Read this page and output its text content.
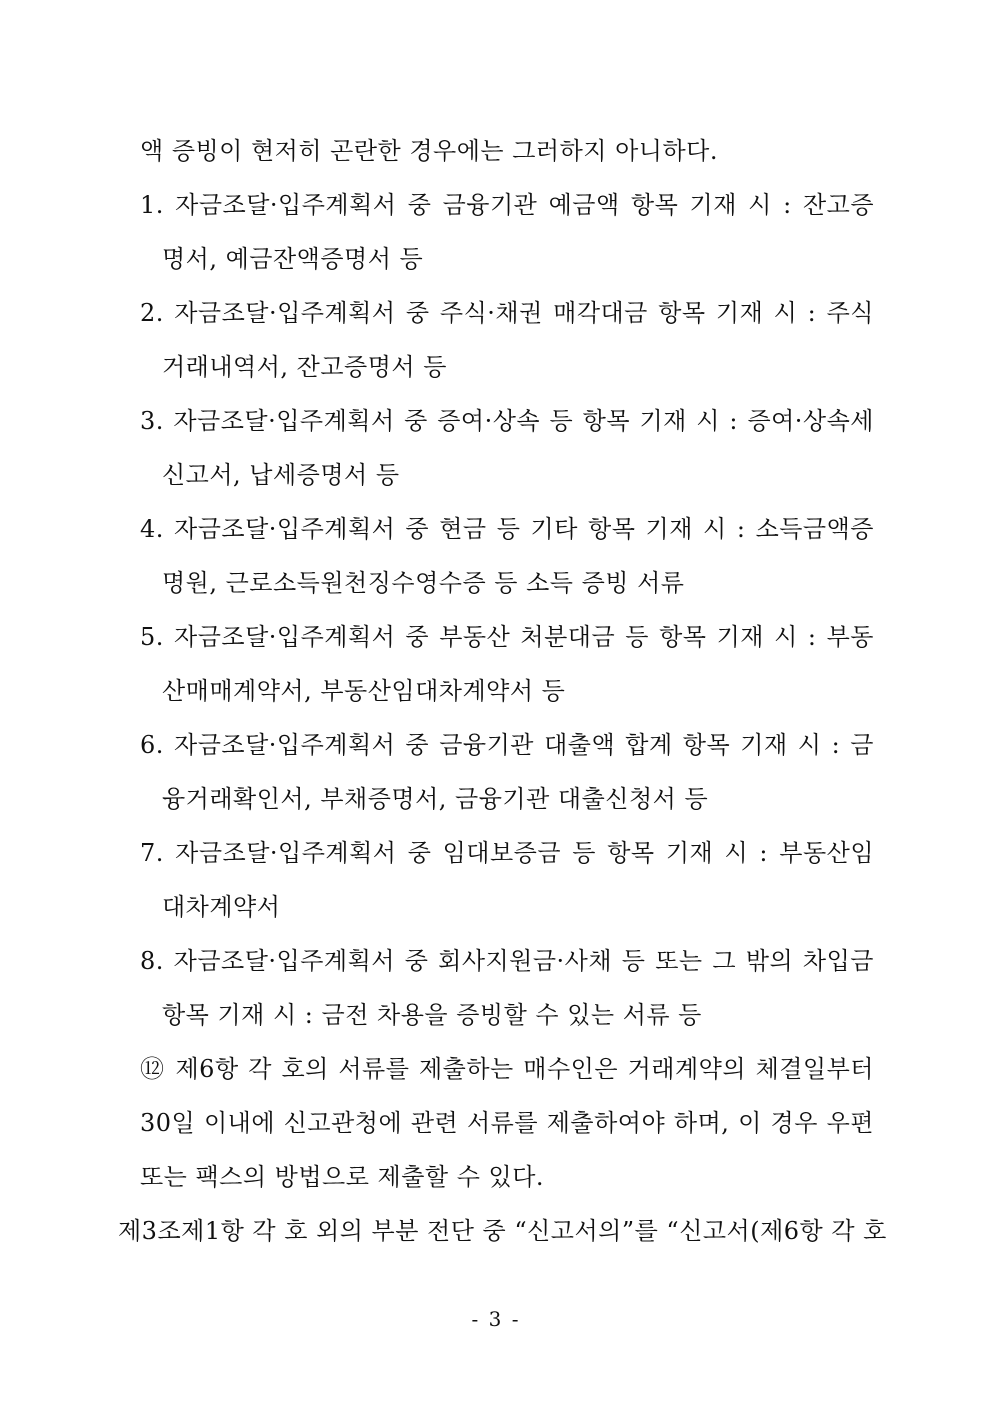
액 증빙이 현저히 곤란한 경우에는 그러하지 아니하다.
1. 자금조달·입주계획서 중 금융기관 예금액 항목 기재 시 : 잔고증
명서, 예금잔액증명서 등
2. 자금조달·입주계획서 중 주식·채권 매각대금 항목 기재 시 : 주식
거래내역서, 잔고증명서 등
3. 자금조달·입주계획서 중 증여·상속 등 항목 기재 시 : 증여·상속세
신고서, 납세증명서 등
4. 자금조달·입주계획서 중 현금 등 기타 항목 기재 시 : 소득금액증
명원, 근로소득원천징수영수증 등 소득 증빙 서류
5. 자금조달·입주계획서 중 부동산 처분대금 등 항목 기재 시 : 부동
산매매계약서, 부동산임대차계약서 등
6. 자금조달·입주계획서 중 금융기관 대출액 합계 항목 기재 시 : 금
융거래확인서, 부채증명서, 금융기관 대출신청서 등
7. 자금조달·입주계획서 중 임대보증금 등 항목 기재 시 : 부동산임
대차계약서
8. 자금조달·입주계획서 중 회사지원금·사채 등 또는 그 밖의 차입금
항목 기재 시 : 금전 차용을 증빙할 수 있는 서류 등
⑫ 제6항 각 호의 서류를 제출하는 매수인은 거래계약의 체결일부터
30일 이내에 신고관청에 관련 서류를 제출하여야 하며, 이 경우 우편
또는 팩스의 방법으로 제출할 수 있다.
제3조제1항 각 호 외의 부분 전단 중 “신고서의”를 “신고서(제6항 각 호
- 3 -
